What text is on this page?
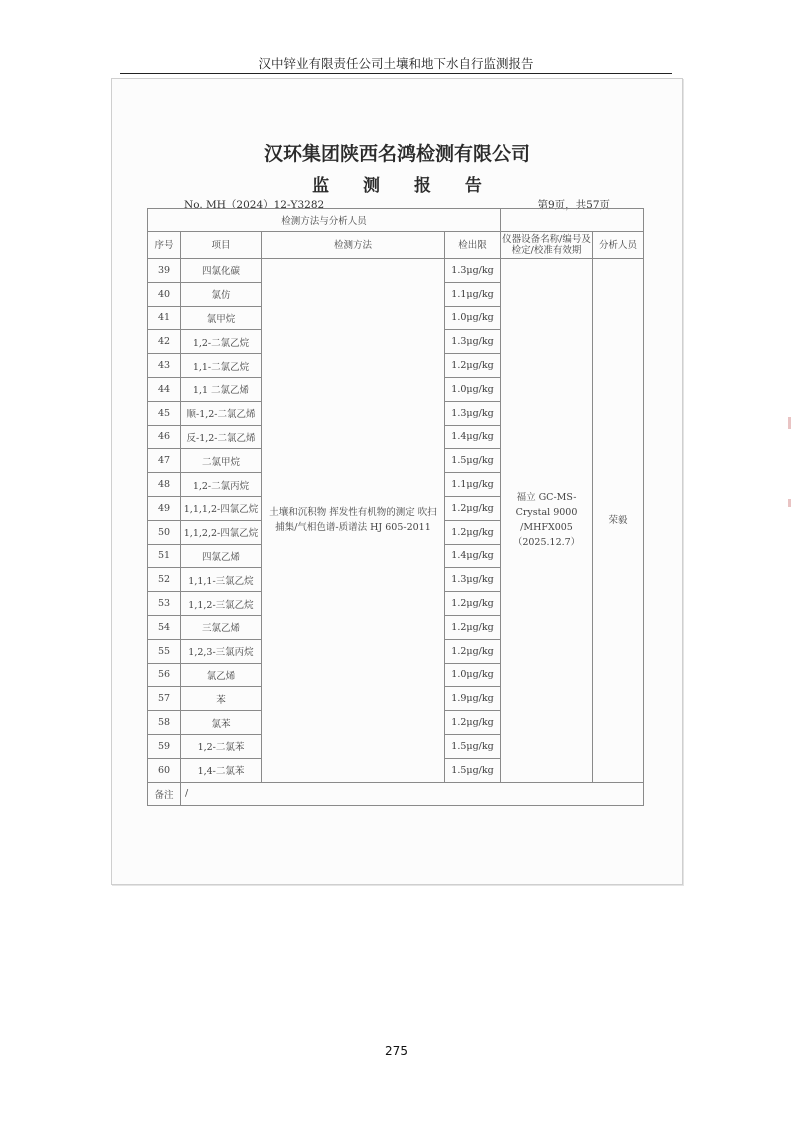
汉中锌业有限责任公司土壤和地下水自行监测报告
汉环集团陕西名鸿检测有限公司
监 测 报 告
No. MH（2024）12-Y3282	第9页，共57页
检测方法与分析人员					
序号	项目	检测方法	检出限	仪器设备名称/编号及检定/校准有效期	分析人员
39	四氯化碳	土壤和沉积物 挥发性有机物的测定 吹扫捕集/气相色谱-质谱法 HJ 605-2011	1.3μg/kg	福立 GC-MS-Crystal 9000 /MHFX005 （2025.12.7）	荣毅
40	氯仿		1.1μg/kg		
41	氯甲烷		1.0μg/kg		
42	1,2-二氯乙烷		1.3μg/kg		
43	1,1-二氯乙烷		1.2μg/kg		
44	1,1 二氯乙烯		1.0μg/kg		
45	顺-1,2-二氯乙烯		1.3μg/kg		
46	反-1,2-二氯乙烯		1.4μg/kg		
47	二氯甲烷		1.5μg/kg		
48	1,2-二氯丙烷		1.1μg/kg		
49	1,1,1,2-四氯乙烷		1.2μg/kg		
50	1,1,2,2-四氯乙烷		1.2μg/kg		
51	四氯乙烯		1.4μg/kg		
52	1,1,1-三氯乙烷		1.3μg/kg		
53	1,1,2-三氯乙烷		1.2μg/kg		
54	三氯乙烯		1.2μg/kg		
55	1,2,3-三氯丙烷		1.2μg/kg		
56	氯乙烯		1.0μg/kg		
57	苯		1.9μg/kg		
58	氯苯		1.2μg/kg		
59	1,2-二氯苯		1.5μg/kg		
60	1,4-二氯苯		1.5μg/kg		
备注	/				
275
